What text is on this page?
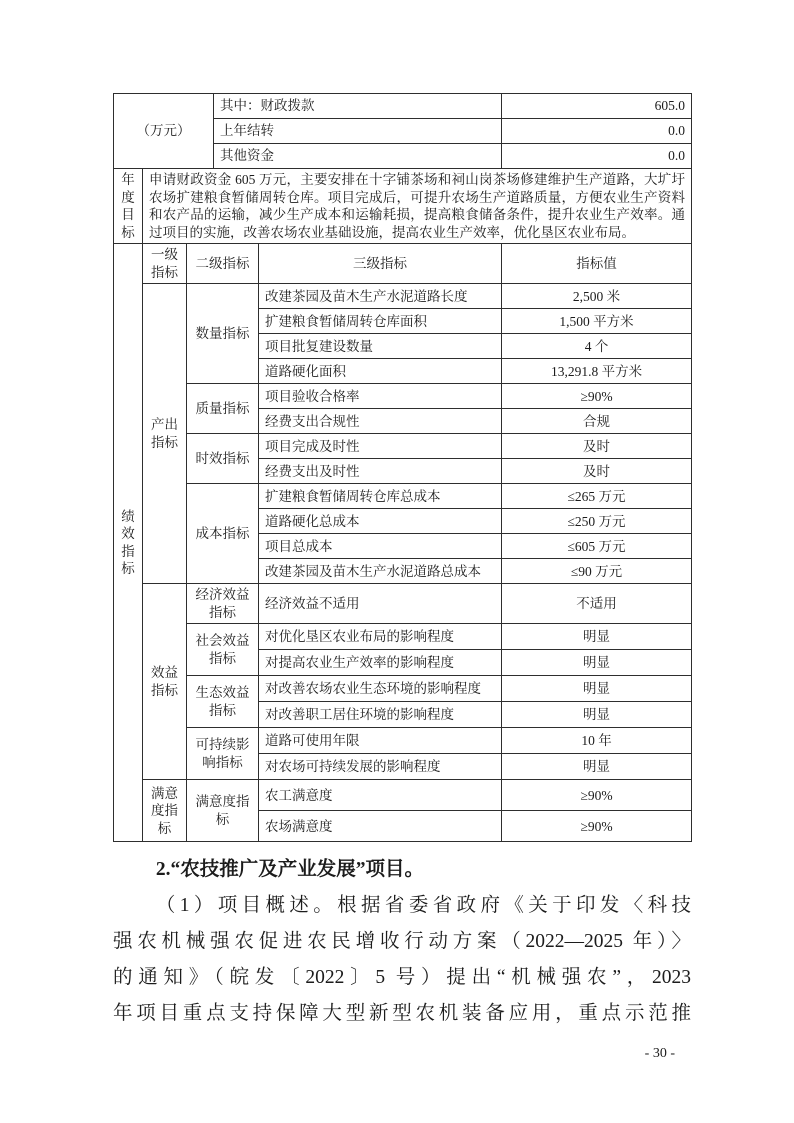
（万元）			其中：财政拨款		605.0
			上年结转		0.0
			其他资金		0.0
年度目标	申请财政资金 605 万元，主要安排在十字铺茶场和祠山岗茶场修建维护生产道路，大圹圩农场扩建粮食暂储周转仓库。项目完成后，可提升农场生产道路质量，方便农业生产资料和农产品的运输，减少生产成本和运输耗损，提高粮食储备条件，提升农业生产效率。通过项目的实施，改善农场农业基础设施，提高农业生产效率，优化垦区农业布局。				
绩效指标	一级指标	二级指标		三级指标	指标值
	产出指标	数量指标		改建茶园及苗木生产水泥道路长度	2,500 米
				扩建粮食暂储周转仓库面积	1,500 平方米
				项目批复建设数量	4 个
				道路硬化面积	13,291.8 平方米
		质量指标		项目验收合格率	≥90%
				经费支出合规性	合规
		时效指标		项目完成及时性	及时
				经费支出及时性	及时
		成本指标		扩建粮食暂储周转仓库总成本	≤265 万元
				道路硬化总成本	≤250 万元
				项目总成本	≤605 万元
				改建茶园及苗木生产水泥道路总成本	≤90 万元
	效益指标	经济效益指标		经济效益不适用	不适用
		社会效益指标		对优化垦区农业布局的影响程度	明显
				对提高农业生产效率的影响程度	明显
		生态效益指标		对改善农场农业生态环境的影响程度	明显
				对改善职工居住环境的影响程度	明显
		可持续影响指标		道路可使用年限	10 年
				对农场可持续发展的影响程度	明显
	满意度指标	满意度指标		农工满意度	≥90%
				农场满意度	≥90%
2.“农技推广及产业发展”项目。
（1）项目概述。根据省委省政府《关于印发〈科技
强农机械强农促进农民增收行动方案（2022—2025 年）〉
的通知》（皖发〔2022〕5 号）提出“机械强农”，2023
年项目重点支持保障大型新型农机装备应用，重点示范推
- 30 -
